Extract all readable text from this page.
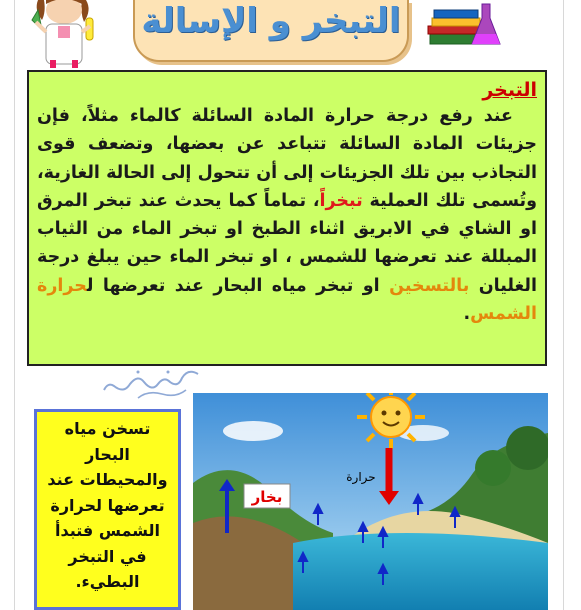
التبخر و الإسالة
التبخر

عند رفع درجة حرارة المادة السائلة كالماء مثلاً، فإن جزيئات المادة السائلة تتباعد عن بعضها، وتضعف قوى التجاذب بين تلك الجزيئات إلى أن تتحول إلى الحالة الغازية، وتُسمى تلك العملية تبخراً، تماماً كما يحدث عند تبخر المرق او الشاي في الابريق اثناء الطبخ او تبخر الماء من الثياب المبللة عند تعرضها للشمس ، او تبخر الماء حين يبلغ درجة الغليان بالتسخين او تبخر مياه البحار عند تعرضها لحرارة الشمس.

تسخن مياه البحار والمحيطات عند تعرضها لحرارة الشمس فتبدأ في التبخر البطيء.

حرارة
بخار
